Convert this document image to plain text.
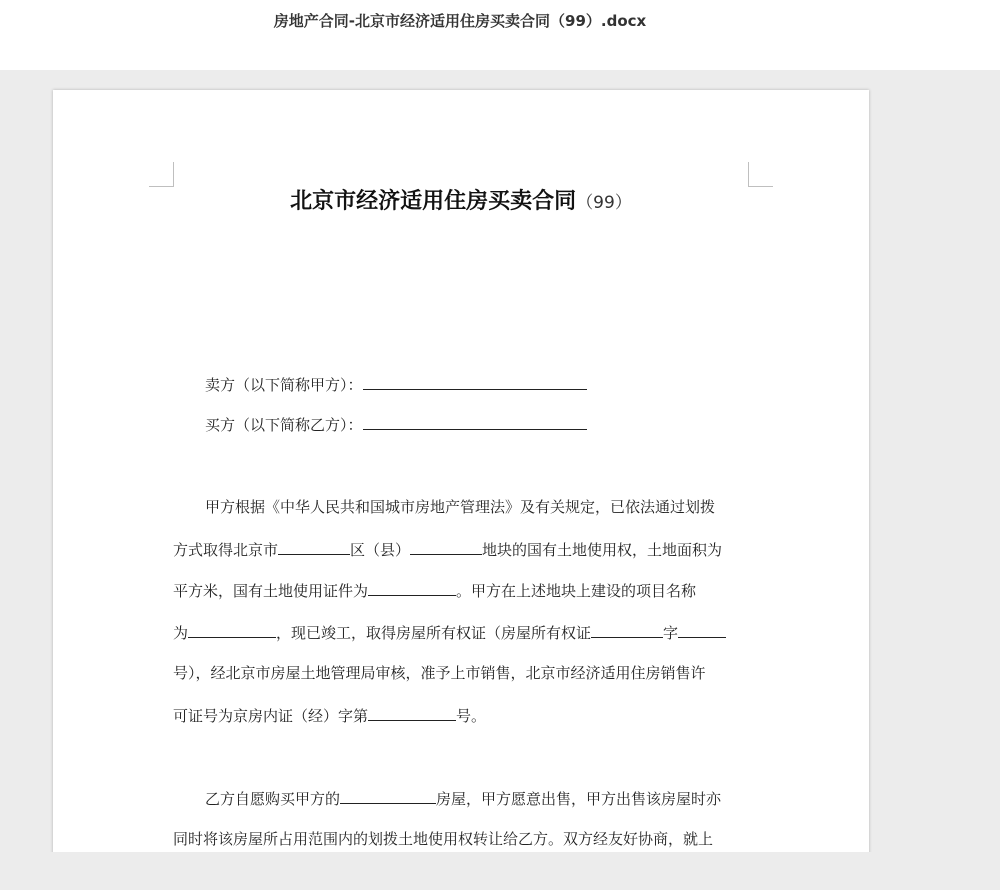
房地产合同-北京市经济适用住房买卖合同（99）.docx
北京市经济适用住房买卖合同（99）
卖方（以下简称甲方）：
买方（以下简称乙方）：
甲方根据《中华人民共和国城市房地产管理法》及有关规定，已依法通过划拨
方式取得北京市	区（县）	地块的国有土地使用权，土地面积为
平方米，国有土地使用证件为	。甲方在上述地块上建设的项目名称
为	，现已竣工，取得房屋所有权证（房屋所有权证	字
号），经北京市房屋土地管理局审核，准予上市销售，北京市经济适用住房销售许
可证号为京房内证（经）字第	号。
乙方自愿购买甲方的	房屋，甲方愿意出售，甲方出售该房屋时亦
同时将该房屋所占用范围内的划拨土地使用权转让给乙方。双方经友好协商，就上
